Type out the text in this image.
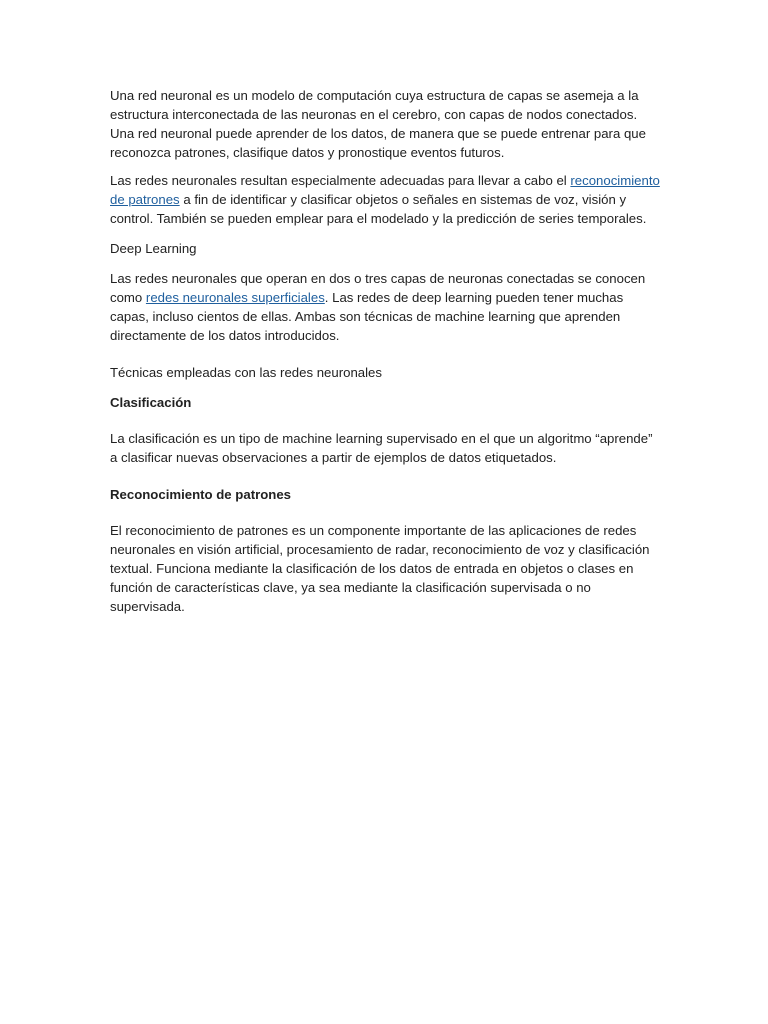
Una red neuronal es un modelo de computación cuya estructura de capas se asemeja a la estructura interconectada de las neuronas en el cerebro, con capas de nodos conectados. Una red neuronal puede aprender de los datos, de manera que se puede entrenar para que reconozca patrones, clasifique datos y pronostique eventos futuros.

Las redes neuronales resultan especialmente adecuadas para llevar a cabo el reconocimiento de patrones a fin de identificar y clasificar objetos o señales en sistemas de voz, visión y control. También se pueden emplear para el modelado y la predicción de series temporales.

Deep Learning

Las redes neuronales que operan en dos o tres capas de neuronas conectadas se conocen como redes neuronales superficiales. Las redes de deep learning pueden tener muchas capas, incluso cientos de ellas. Ambas son técnicas de machine learning que aprenden directamente de los datos introducidos.

Técnicas empleadas con las redes neuronales

Clasificación

La clasificación es un tipo de machine learning supervisado en el que un algoritmo “aprende” a clasificar nuevas observaciones a partir de ejemplos de datos etiquetados.

Reconocimiento de patrones

El reconocimiento de patrones es un componente importante de las aplicaciones de redes neuronales en visión artificial, procesamiento de radar, reconocimiento de voz y clasificación textual. Funciona mediante la clasificación de los datos de entrada en objetos o clases en función de características clave, ya sea mediante la clasificación supervisada o no supervisada.
